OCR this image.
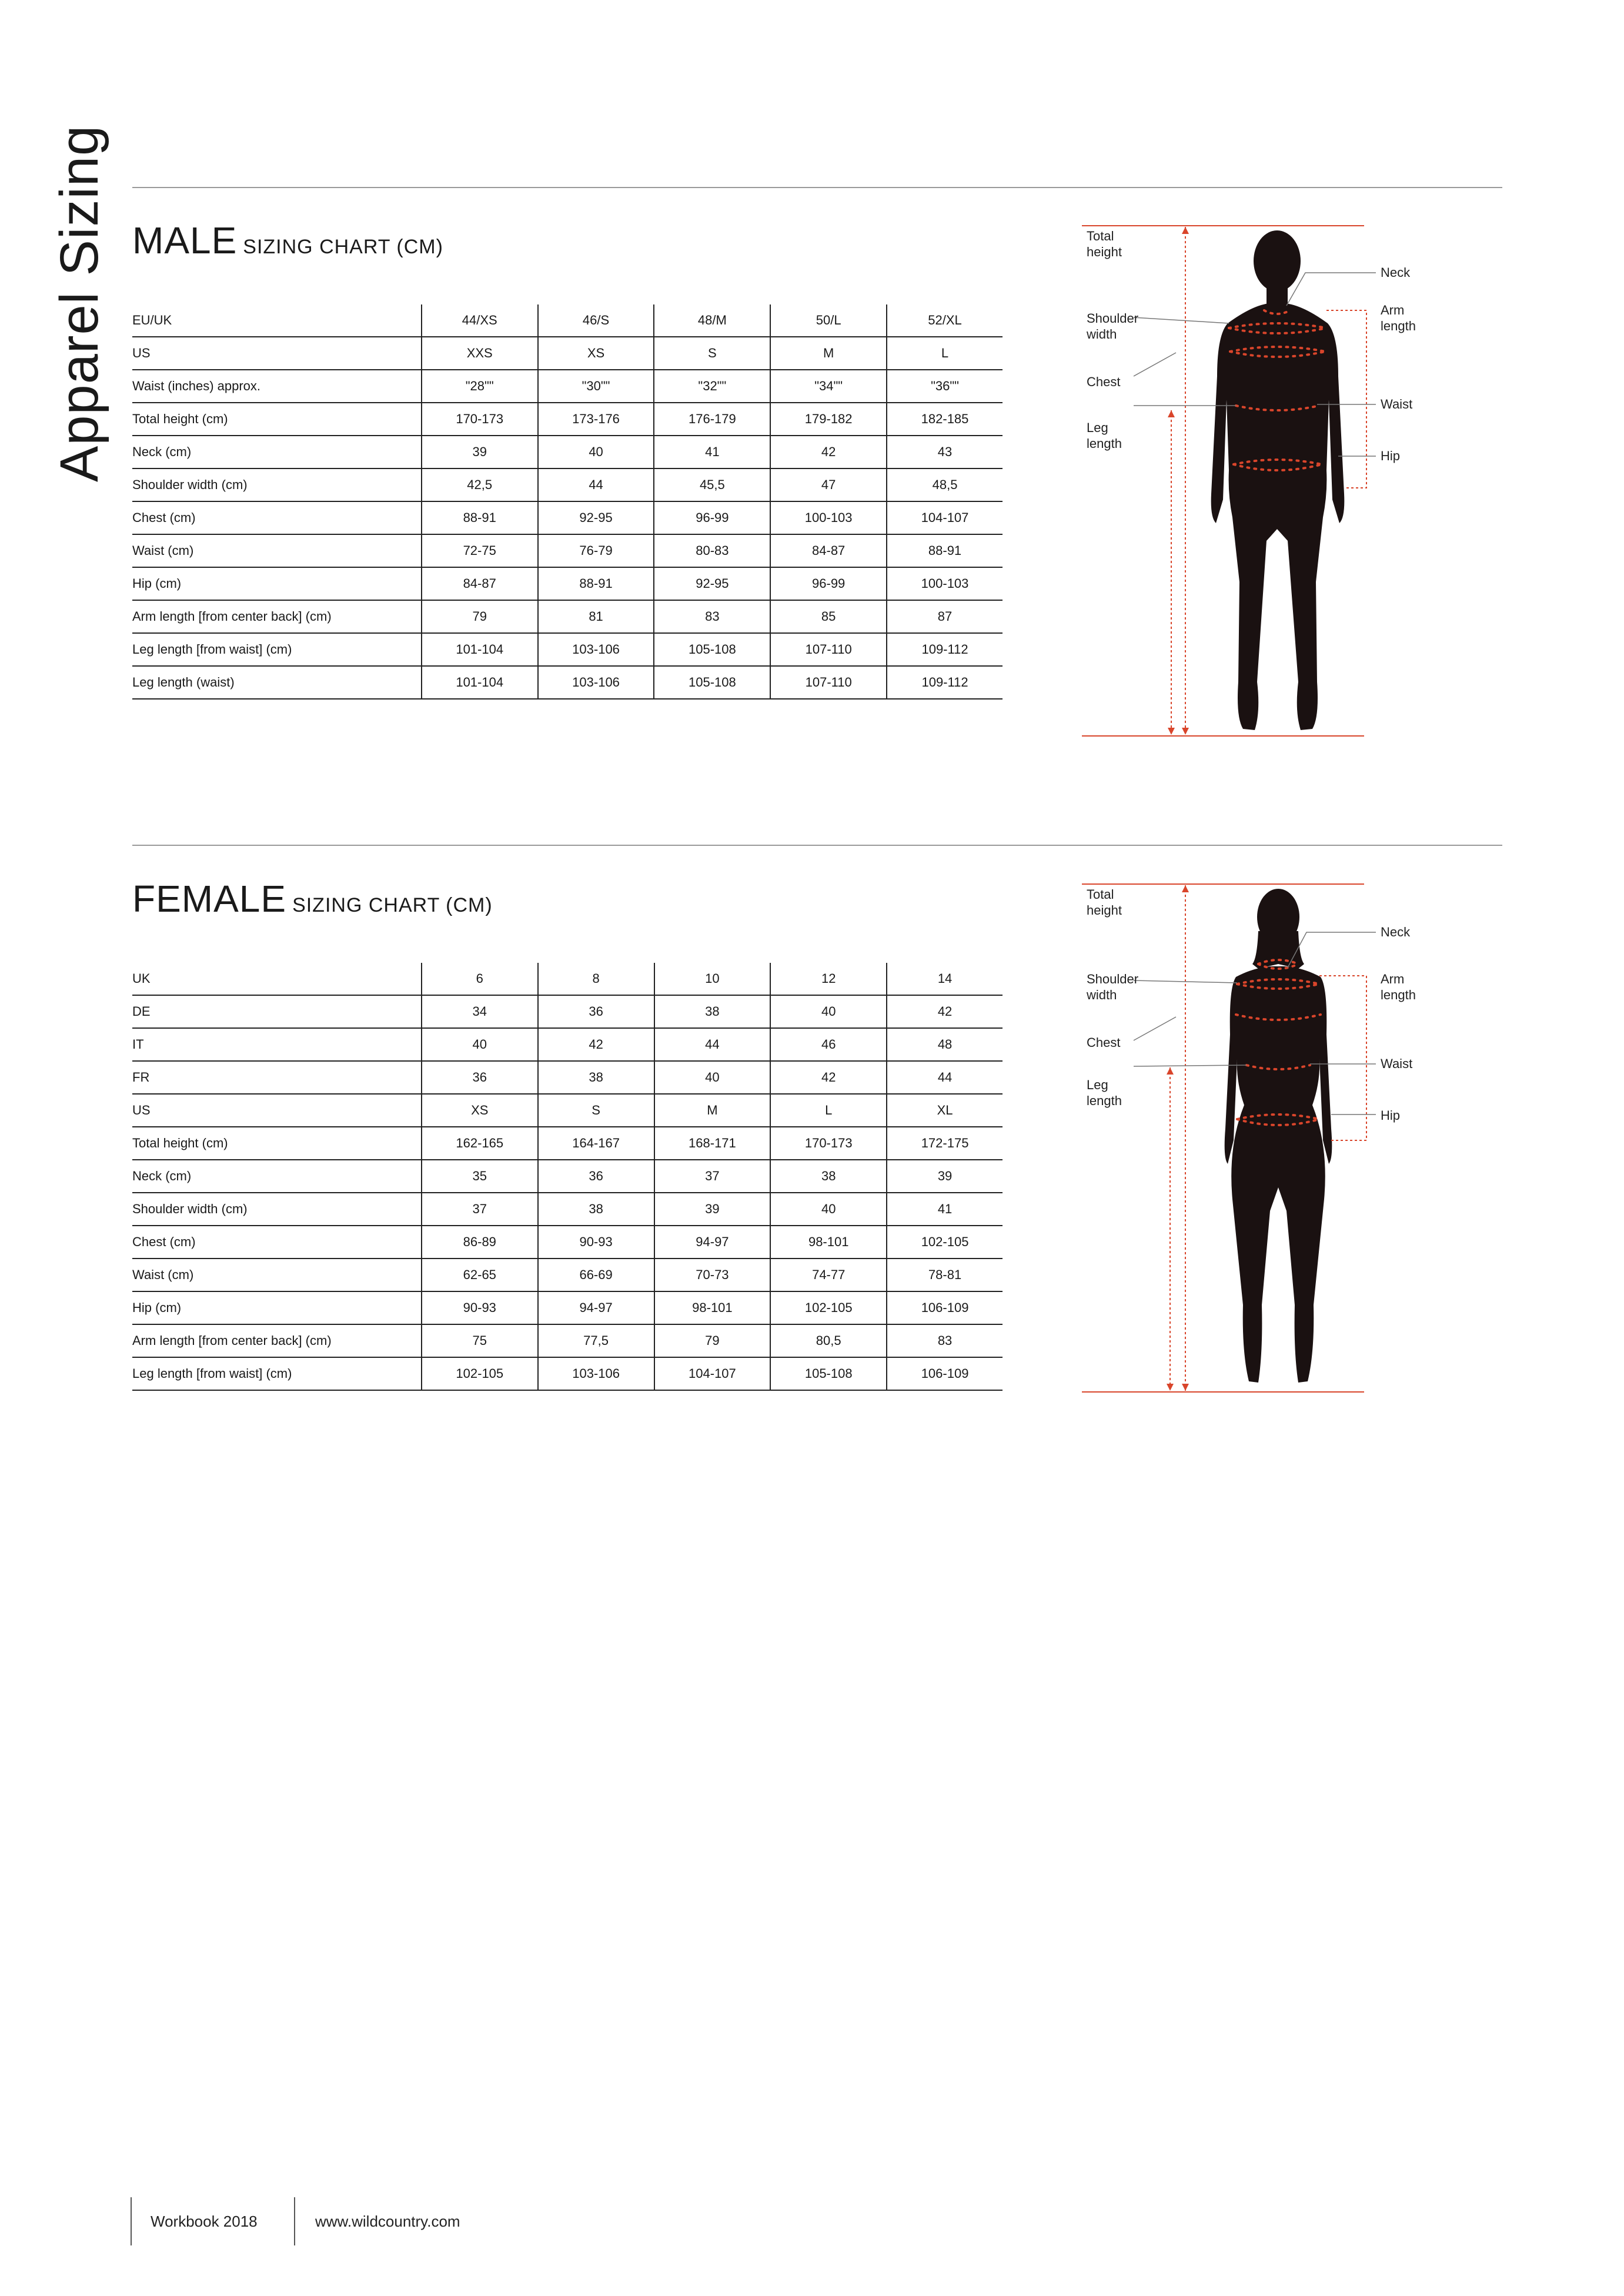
Apparel Sizing MALE SIZING CHART (CM)
EU/UK	44/XS	46/S	48/M	50/L	52/XL
US	XXS	XS	S	M	L
Waist (inches) approx.	"28""	"30""	"32""	"34""	"36""
Total height (cm)	170-173	173-176	176-179	179-182	182-185
Neck (cm)	39	40	41	42	43
Shoulder width (cm)	42,5	44	45,5	47	48,5
Chest (cm)	88-91	92-95	96-99	100-103	104-107
Waist (cm)	72-75	76-79	80-83	84-87	88-91
Hip (cm)	84-87	88-91	92-95	96-99	100-103
Arm length [from center back] (cm)	79	81	83	85	87
Leg length [from waist] (cm)	101-104	103-106	105-108	107-110	109-112
Leg length (waist)	101-104	103-106	105-108	107-110	109-112
Total
height
Neck
Shoulder
width
Arm
length
Chest
Waist
Leg
length
Hip
FEMALE SIZING CHART (CM)
UK	6	8	10	12	14
DE	34	36	38	40	42
IT	40	42	44	46	48
FR	36	38	40	42	44
US	XS	S	M	L	XL
Total height (cm)	162-165	164-167	168-171	170-173	172-175
Neck (cm)	35	36	37	38	39
Shoulder width (cm)	37	38	39	40	41
Chest (cm)	86-89	90-93	94-97	98-101	102-105
Waist (cm)	62-65	66-69	70-73	74-77	78-81
Hip (cm)	90-93	94-97	98-101	102-105	106-109
Arm length [from center back] (cm)	75	77,5	79	80,5	83
Leg length [from waist] (cm)	102-105	103-106	104-107	105-108	106-109
Total
height
Neck
Shoulder
width
Arm
length
Chest
Waist
Leg
length
Hip
Workbook 2018	www.wildcountry.com
